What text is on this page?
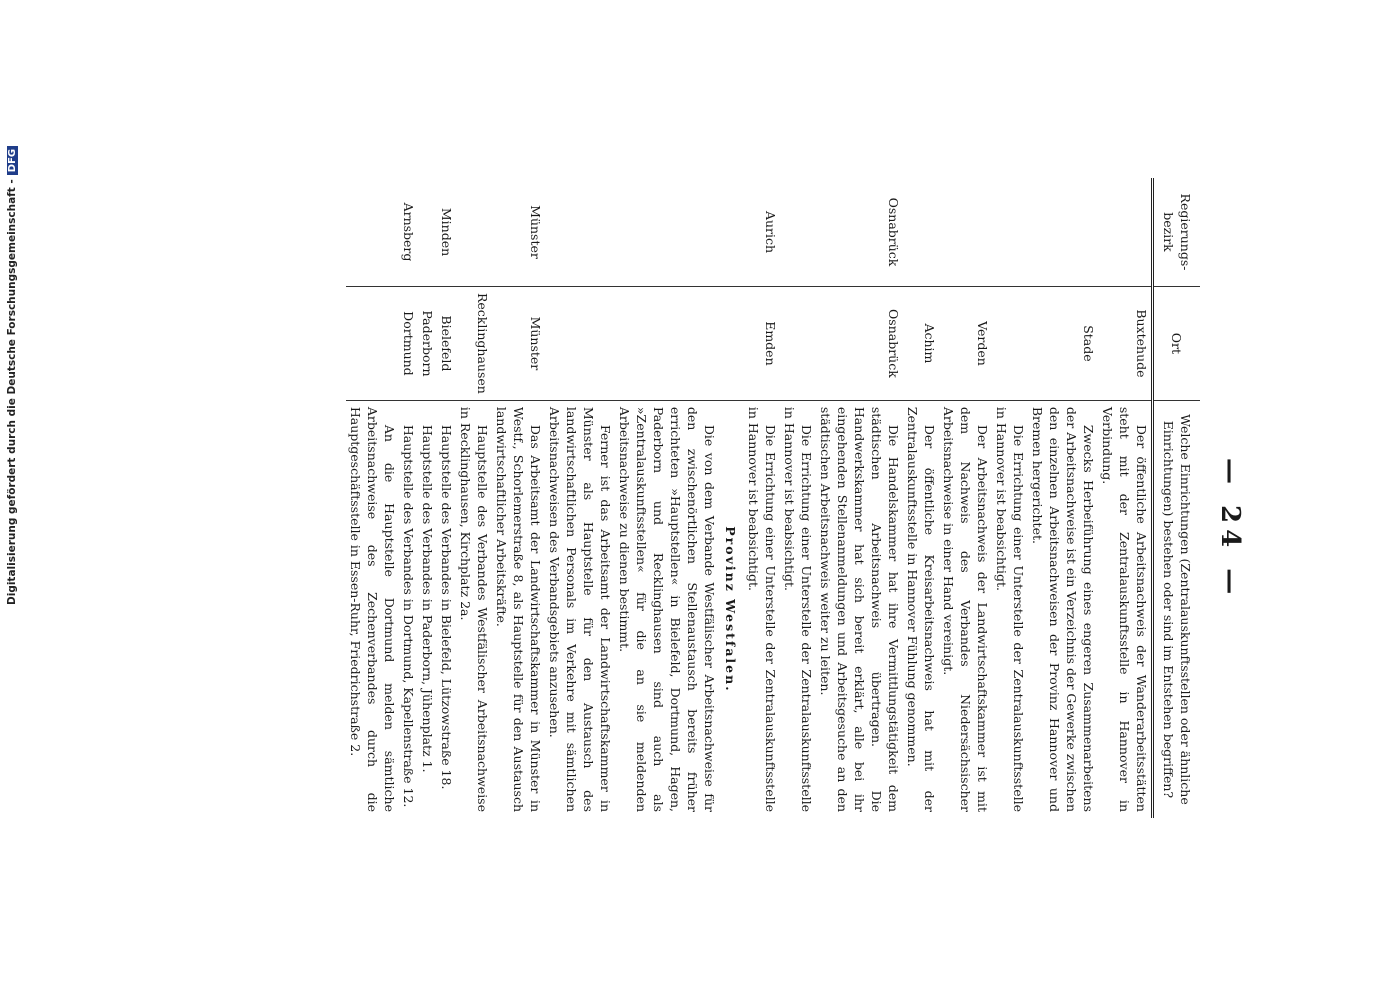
— 24 —
Regierungs-bezirk	Ort	Welche Einrichtungen (Zentralauskunftsstellen oder ähnliche Einrichtungen) bestehen oder sind im Entstehen begriffen?
	Buxtehude	Der öffentliche Arbeitsnachweis der Wanderarbeitsstätten steht mit der Zentralauskunftsstelle in Hannover in Verbindung.
	Stade	Zwecks Herbeiführung eines engeren Zusammenarbeitens der Arbeitsnachweise ist ein Verzeichnis der Gewerke zwischen den einzelnen Arbeitsnachweisen der Provinz Hannover und Bremen hergerichtet.
		Die Errichtung einer Unterstelle der Zentralauskunftsstelle in Hannover ist beabsichtigt.
	Verden	Der Arbeitsnachweis der Landwirtschaftskammer ist mit dem Nachweis des Verbandes Niedersächsischer Arbeitsnachweise in einer Hand vereinigt.
	Achim	Der öffentliche Kreisarbeitsnachweis hat mit der Zentralauskunftsstelle in Hannover Fühlung genommen.
Osnabrück	Osnabrück	Die Handelskammer hat ihre Vermittlungstätigkeit dem städtischen Arbeitsnachweis übertragen. Die Handwerkskammer hat sich bereit erklärt, alle bei ihr eingehenden Stellenanmeldungen und Arbeitsgesuche an den städtischen Arbeitsnachweis weiter zu leiten.
		Die Errichtung einer Unterstelle der Zentralauskunftsstelle in Hannover ist beabsichtigt.
Aurich	Emden	Die Errichtung einer Unterstelle der Zentralauskunftsstelle in Hannover ist beabsichtigt.

		Provinz Westfalen.

		Die von dem Verbande Westfälischer Arbeitsnachweise für den zwischenörtlichen Stellenaustausch bereits früher errichteten »Hauptstellen« in Bielefeld, Dortmund, Hagen, Paderborn und Recklinghausen sind auch als »Zentralauskunftsstellen« für die an sie meldenden Arbeitsnachweise zu dienen bestimmt.
		Ferner ist das Arbeitsamt der Landwirtschaftskammer in Münster als Hauptstelle für den Austausch des landwirtschaftlichen Personals im Verkehre mit sämtlichen Arbeitsnachweisen des Verbandsgebiets anzusehen.
Münster	Münster	Das Arbeitsamt der Landwirtschaftskammer in Münster in Westf., Schorlemerstraße 8, als Hauptstelle für den Austausch landwirtschaftlicher Arbeitskräfte.
	Recklinghausen	Hauptstelle des Verbandes Westfälischer Arbeitsnachweise in Recklinghausen, Kirchplatz 2a.
Minden	Bielefeld	Hauptstelle des Verbandes in Bielefeld, Lützowstraße 18.
	Paderborn	Hauptstelle des Verbandes in Paderborn, Jühenplatz 1.
Arnsberg	Dortmund	Hauptstelle des Verbandes in Dortmund, Kapellenstraße 12.
		An die Hauptstelle Dortmund melden sämtliche Arbeitsnachweise des Zechenverbandes durch die Hauptgeschäftsstelle in Essen-Ruhr, Friedrichstraße 2.
Digitalisierung gefördert durch die Deutsche Forschungsgemeinschaft -DFG
